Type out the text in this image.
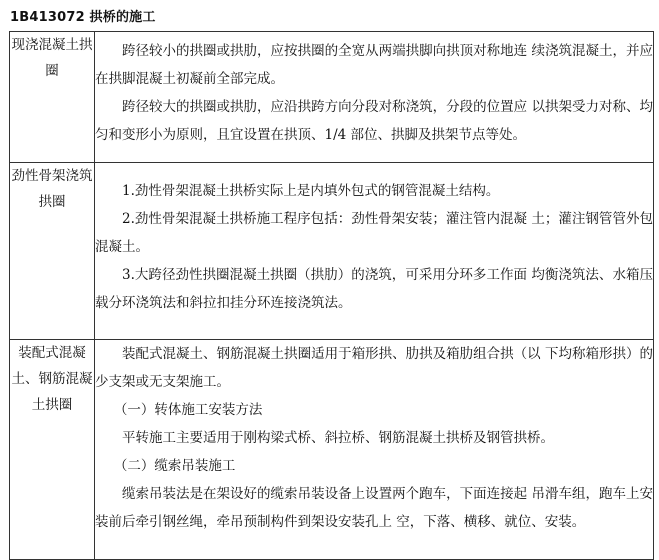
1B413072 拱桥的施工
现浇混凝土拱圈	跨径较小的拱圈或拱肋，应按拱圈的全宽从两端拱脚向拱顶对称地连 续浇筑混凝土，并应在拱脚混凝土初凝前全部完成。
跨径较大的拱圈或拱肋，应沿拱跨方向分段对称浇筑，分段的位置应 以拱架受力对称、均匀和变形小为原则，且宜设置在拱顶、1/4 部位、拱脚及拱架节点等处。

劲性骨架浇筑拱圈	1.劲性骨架混凝土拱桥实际上是内填外包式的钢管混凝土结构。
2.劲性骨架混凝土拱桥施工程序包括：劲性骨架安装；灌注管内混凝 土；灌注钢管管外包混凝土。
3.大跨径劲性拱圈混凝土拱圈（拱肋）的浇筑，可采用分环多工作面 均衡浇筑法、水箱压载分环浇筑法和斜拉扣挂分环连接浇筑法。

装配式混凝土、钢筋混凝土拱圈	装配式混凝土、钢筋混凝土拱圈适用于箱形拱、肋拱及箱肋组合拱（以 下均称箱形拱）的少支架或无支架施工。
（一）转体施工安装方法
平转施工主要适用于刚构梁式桥、斜拉桥、钢筋混凝土拱桥及钢管拱桥。
（二）缆索吊装施工
缆索吊装法是在架设好的缆索吊装设备上设置两个跑车，下面连接起 吊滑车组，跑车上安装前后牵引钢丝绳，牵吊预制构件到架设安装孔上 空，下落、横移、就位、安装。
